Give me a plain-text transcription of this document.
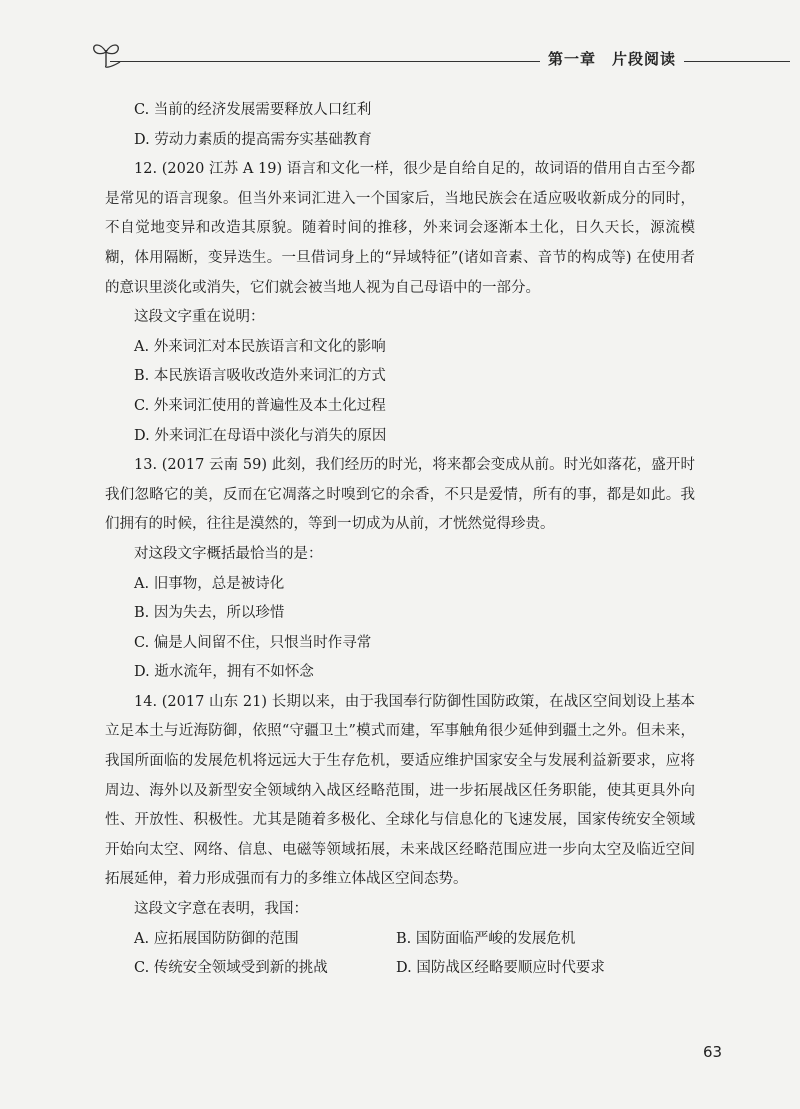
第一章　片段阅读
C. 当前的经济发展需要释放人口红利
D. 劳动力素质的提高需夯实基础教育

12. (2020 江苏 A 19) 语言和文化一样，很少是自给自足的，故词语的借用自古至今都是常见的语言现象。但当外来词汇进入一个国家后，当地民族会在适应吸收新成分的同时，不自觉地变异和改造其原貌。随着时间的推移，外来词会逐渐本土化，日久天长，源流模糊，体用隔断，变异迭生。一旦借词身上的“异域特征”(诸如音素、音节的构成等) 在使用者的意识里淡化或消失，它们就会被当地人视为自己母语中的一部分。

这段文字重在说明：
A. 外来词汇对本民族语言和文化的影响
B. 本民族语言吸收改造外来词汇的方式
C. 外来词汇使用的普遍性及本土化过程
D. 外来词汇在母语中淡化与消失的原因

13. (2017 云南 59) 此刻，我们经历的时光，将来都会变成从前。时光如落花，盛开时我们忽略它的美，反而在它凋落之时嗅到它的余香，不只是爱情，所有的事，都是如此。我们拥有的时候，往往是漠然的，等到一切成为从前，才恍然觉得珍贵。

对这段文字概括最恰当的是：
A. 旧事物，总是被诗化
B. 因为失去，所以珍惜
C. 偏是人间留不住，只恨当时作寻常
D. 逝水流年，拥有不如怀念

14. (2017 山东 21) 长期以来，由于我国奉行防御性国防政策，在战区空间划设上基本立足本土与近海防御，依照“守疆卫土”模式而建，军事触角很少延伸到疆土之外。但未来，我国所面临的发展危机将远远大于生存危机，要适应维护国家安全与发展利益新要求，应将周边、海外以及新型安全领域纳入战区经略范围，进一步拓展战区任务职能，使其更具外向性、开放性、积极性。尤其是随着多极化、全球化与信息化的飞速发展，国家传统安全领域开始向太空、网络、信息、电磁等领域拓展，未来战区经略范围应进一步向太空及临近空间拓展延伸，着力形成强而有力的多维立体战区空间态势。

这段文字意在表明，我国：
A. 应拓展国防防御的范围	B. 国防面临严峻的发展危机
C. 传统安全领域受到新的挑战	D. 国防战区经略要顺应时代要求
63
